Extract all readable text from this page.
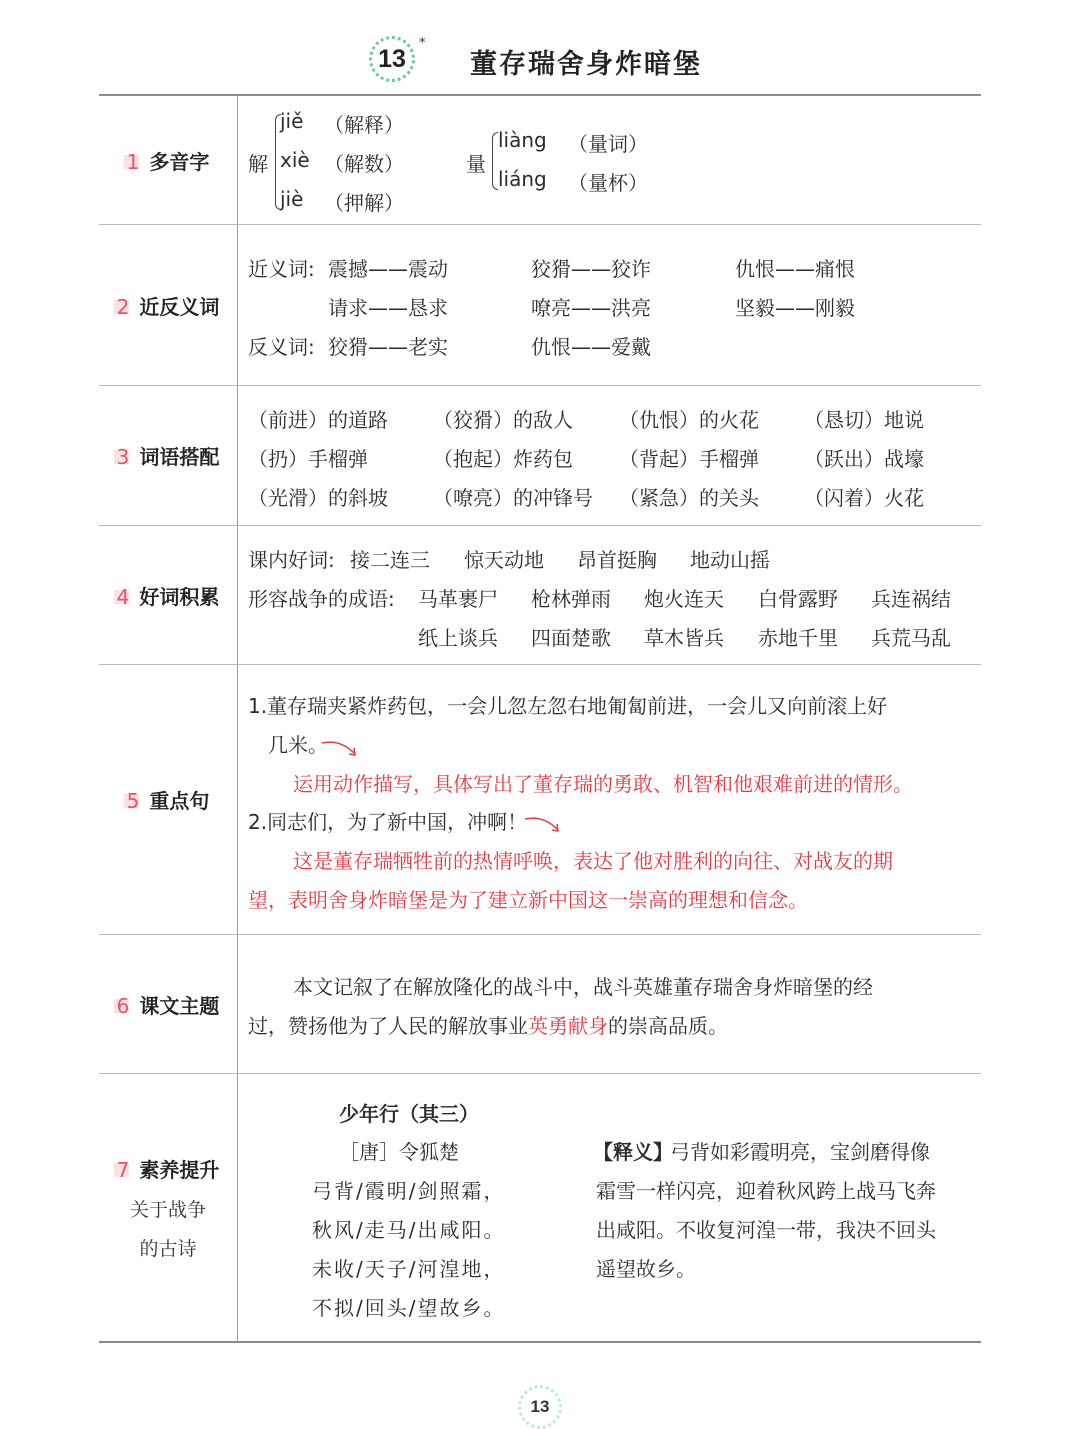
13
*
董存瑞舍身炸暗堡
1 多音字 解
jiě （解释）
xiè （解数）
jiè （押解）
量
liàng （量词）
liáng （量杯）
2 近反义词
近义词: 震撼——震动	狡猾——狡诈	仇恨——痛恨
请求——恳求	嘹亮——洪亮	坚毅——刚毅
反义词: 狡猾——老实	仇恨——爱戴
3 词语搭配
（前进）的道路 （狡猾）的敌人 （仇恨）的火花 （恳切）地说
（扔）手榴弹	（抱起）炸药包 （背起）手榴弹 （跃出）战壕
（光滑）的斜坡 （嘹亮）的冲锋号 （紧急）的关头 （闪着）火花
4 好词积累
课内好词: 接二连三 惊天动地 昂首挺胸 地动山摇
形容战争的成语: 马革裹尸 枪林弹雨 炮火连天 白骨露野 兵连祸结
纸上谈兵 四面楚歌 草木皆兵 赤地千里 兵荒马乱
5 重点句
1.董存瑞夹紧炸药包，一会儿忽左忽右地匍匐前进，一会儿又向前滚上好
几米。
运用动作描写，具体写出了董存瑞的勇敢、机智和他艰难前进的情形。
2.同志们，为了新中国，冲啊！
这是董存瑞牺牲前的热情呼唤，表达了他对胜利的向往、对战友的期
望，表明舍身炸暗堡是为了建立新中国这一崇高的理想和信念。
6 课文主题
本文记叙了在解放隆化的战斗中，战斗英雄董存瑞舍身炸暗堡的经
过，赞扬他为了人民的解放事业英勇献身的崇高品质。
7 素养提升
关于战争
的古诗
少年行（其三）
［唐］令狐楚
弓背/霞明/剑照霜，
秋风/走马/出咸阳。
未收/天子/河湟地，
不拟/回头/望故乡。
【释义】
弓背如彩霞明亮，宝剑磨得像
霜雪一样闪亮，迎着秋风跨上战马飞奔
出咸阳。不收复河湟一带，我决不回头
遥望故乡。
13
